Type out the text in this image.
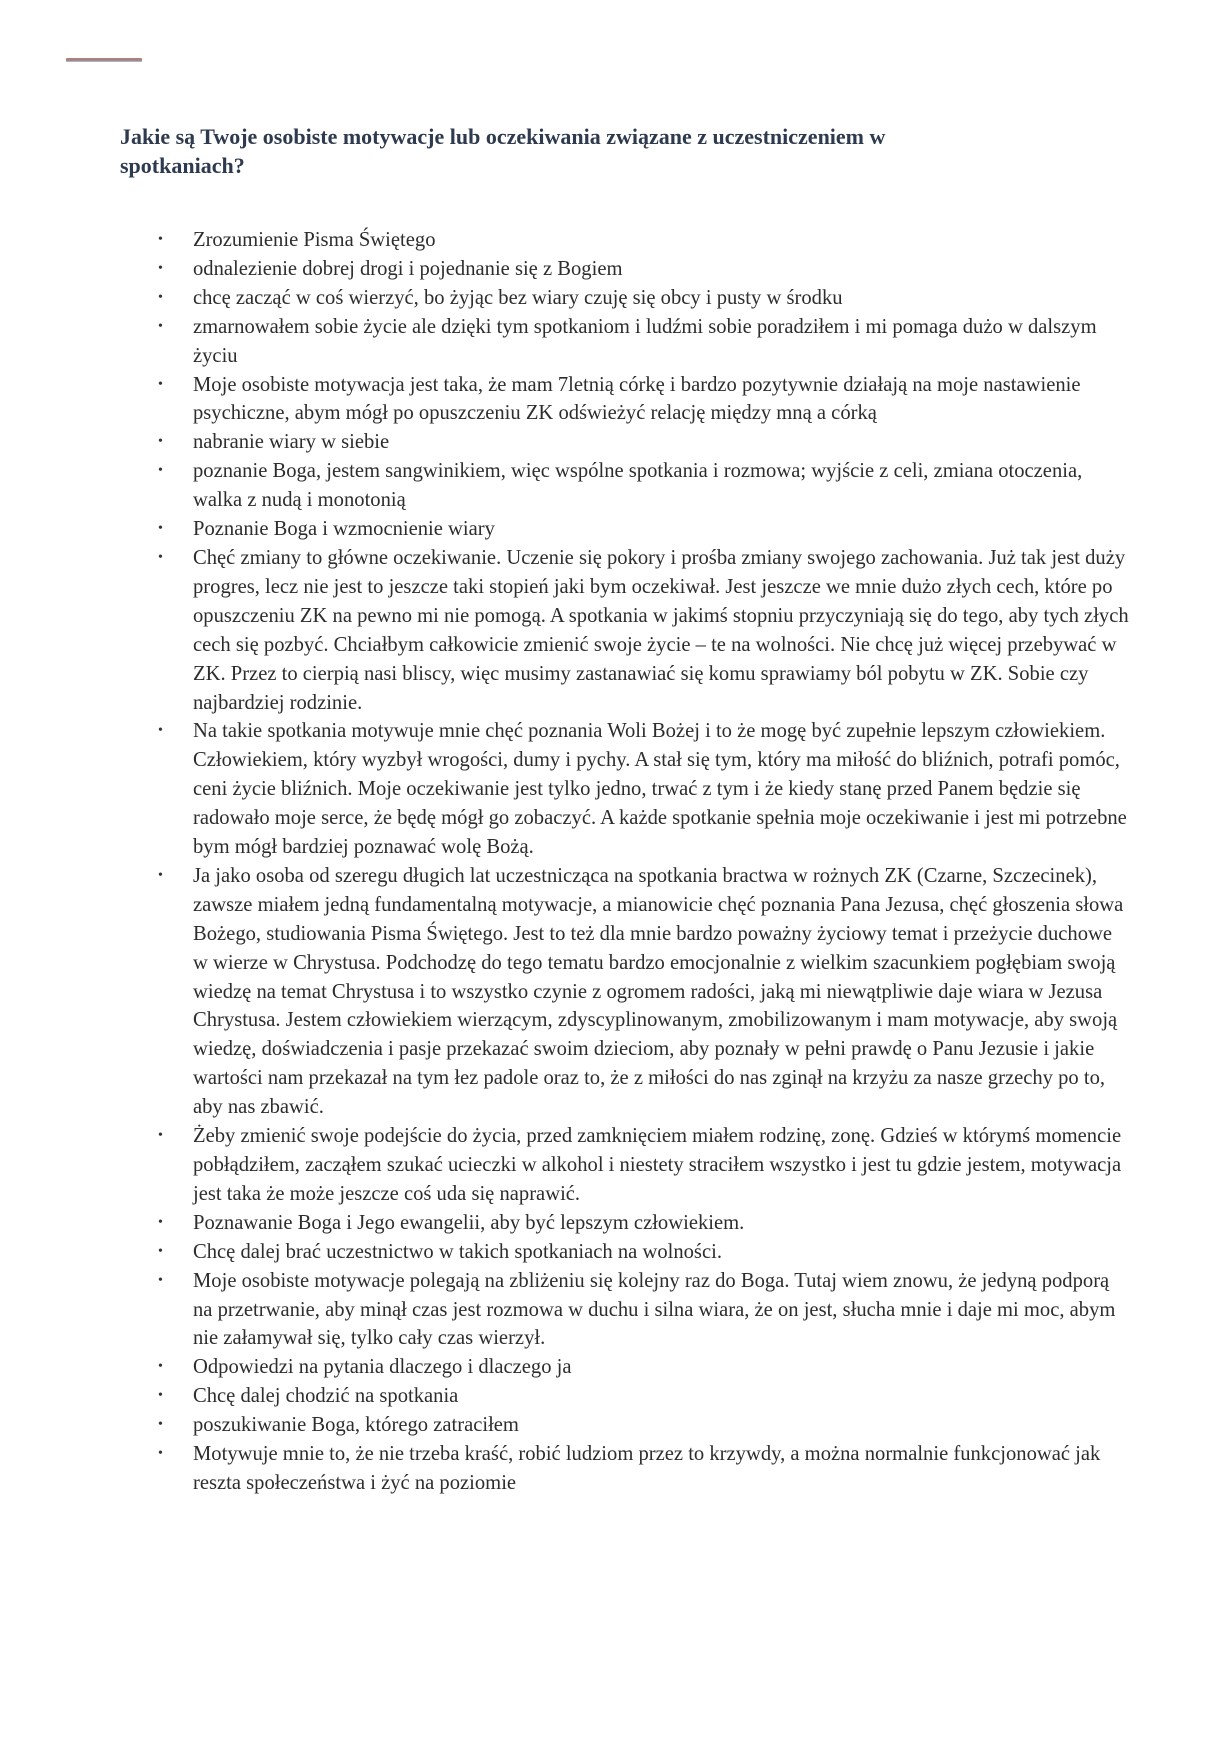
Jakie są Twoje osobiste motywacje lub oczekiwania związane z uczestniczeniem w spotkaniach?
• Zrozumienie Pisma Świętego
• odnalezienie dobrej drogi i pojednanie się z Bogiem
• chcę zacząć w coś wierzyć, bo żyjąc bez wiary czuję się obcy i pusty w środku
• zmarnowałem sobie życie ale dzięki tym spotkaniom i ludźmi sobie poradziłem i mi pomaga dużo w dalszym życiu
• Moje osobiste motywacja jest taka, że mam 7letnią córkę i bardzo pozytywnie działają na moje nastawienie psychiczne, abym mógł po opuszczeniu ZK odświeżyć relację między mną a córką
• nabranie wiary w siebie
• poznanie Boga, jestem sangwinikiem, więc wspólne spotkania i rozmowa; wyjście z celi, zmiana otoczenia, walka z nudą i monotonią
• Poznanie Boga i wzmocnienie wiary
• Chęć zmiany to główne oczekiwanie. Uczenie się pokory i prośba zmiany swojego zachowania. Już tak jest duży progres, lecz nie jest to jeszcze taki stopień jaki bym oczekiwał. Jest jeszcze we mnie dużo złych cech, które po opuszczeniu ZK na pewno mi nie pomogą. A spotkania w jakimś stopniu przyczyniają się do tego, aby tych złych cech się pozbyć. Chciałbym całkowicie zmienić swoje życie – te na wolności. Nie chcę już więcej przebywać w ZK. Przez to cierpią nasi bliscy, więc musimy zastanawiać się komu sprawiamy ból pobytu w ZK. Sobie czy najbardziej rodzinie.
• Na takie spotkania motywuje mnie chęć poznania Woli Bożej i to że mogę być zupełnie lepszym człowiekiem. Człowiekiem, który wyzbył wrogości, dumy i pychy. A stał się tym, który ma miłość do bliźnich, potrafi pomóc, ceni życie bliźnich. Moje oczekiwanie jest tylko jedno, trwać z tym i że kiedy stanę przed Panem będzie się radowało moje serce, że będę mógł go zobaczyć. A każde spotkanie spełnia moje oczekiwanie i jest mi potrzebne bym mógł bardziej poznawać wolę Bożą.
• Ja jako osoba od szeregu długich lat uczestnicząca na spotkania bractwa w rożnych ZK (Czarne, Szczecinek), zawsze miałem jedną fundamentalną motywacje, a mianowicie chęć poznania Pana Jezusa, chęć głoszenia słowa Bożego, studiowania Pisma Świętego. Jest to też dla mnie bardzo poważny życiowy temat i przeżycie duchowe w wierze w Chrystusa. Podchodzę do tego tematu bardzo emocjonalnie z wielkim szacunkiem pogłębiam swoją wiedzę na temat Chrystusa i to wszystko czynie z ogromem radości, jaką mi niewątpliwie daje wiara w Jezusa Chrystusa. Jestem człowiekiem wierzącym, zdyscyplinowanym, zmobilizowanym i mam motywacje, aby swoją wiedzę, doświadczenia i pasje przekazać swoim dzieciom, aby poznały w pełni prawdę o Panu Jezusie i jakie wartości nam przekazał na tym łez padole oraz to, że z miłości do nas zginął na krzyżu za nasze grzechy po to, aby nas zbawić.
• Żeby zmienić swoje podejście do życia, przed zamknięciem miałem rodzinę, zonę. Gdzieś w którymś momencie pobłądziłem, zacząłem szukać ucieczki w alkohol i niestety straciłem wszystko i jest tu gdzie jestem, motywacja jest taka że może jeszcze coś uda się naprawić.
• Poznawanie Boga i Jego ewangelii, aby być lepszym człowiekiem.
• Chcę dalej brać uczestnictwo w takich spotkaniach na wolności.
• Moje osobiste motywacje polegają na zbliżeniu się kolejny raz do Boga. Tutaj wiem znowu, że jedyną podporą na przetrwanie, aby minął czas jest rozmowa w duchu i silna wiara, że on jest, słucha mnie i daje mi moc, abym nie załamywał się, tylko cały czas wierzył.
• Odpowiedzi na pytania dlaczego i dlaczego ja
• Chcę dalej chodzić na spotkania
• poszukiwanie Boga, którego zatraciłem
• Motywuje mnie to, że nie trzeba kraść, robić ludziom przez to krzywdy, a można normalnie funkcjonować jak reszta społeczeństwa i żyć na poziomie
